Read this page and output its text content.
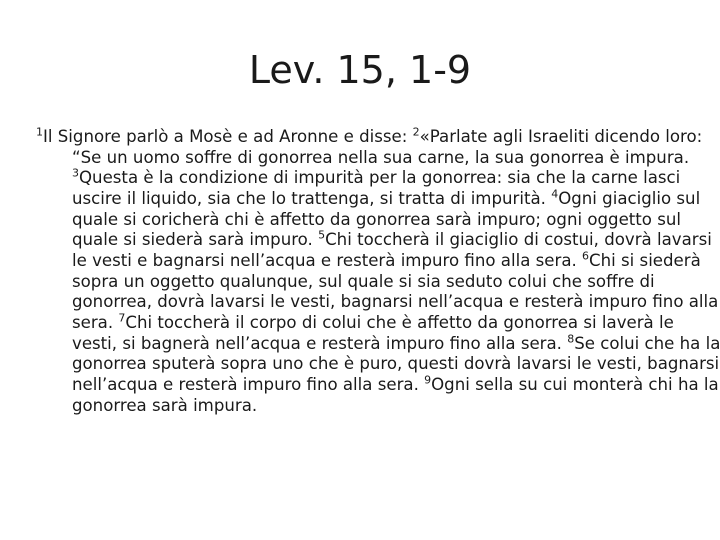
Lev. 15, 1-9

$^1$Il Signore parlò a Mosè e ad Aronne e disse: $^2$«Parlate agli Israeliti dicendo loro: “Se un uomo soffre di gonorrea nella sua carne, la sua gonorrea è impura. $^3$Questa è la condizione di impurità per la gonorrea: sia che la carne lasci uscire il liquido, sia che lo trattenga, si tratta di impurità. $^4$Ogni giaciglio sul quale si coricherà chi è affetto da gonorrea sarà impuro; ogni oggetto sul quale si siederà sarà impuro. $^5$Chi toccherà il giaciglio di costui, dovrà lavarsi le vesti e bagnarsi nell’acqua e resterà impuro fino alla sera. $^6$Chi si siederà sopra un oggetto qualunque, sul quale si sia seduto colui che soffre di gonorrea, dovrà lavarsi le vesti, bagnarsi nell’acqua e resterà impuro fino alla sera. $^7$Chi toccherà il corpo di colui che è affetto da gonorrea si laverà le vesti, si bagnerà nell’acqua e resterà impuro fino alla sera. $^8$Se colui che ha la gonorrea sputerà sopra uno che è puro, questi dovrà lavarsi le vesti, bagnarsi nell’acqua e resterà impuro fino alla sera. $^9$Ogni sella su cui monterà chi ha la gonorrea sarà impura.
